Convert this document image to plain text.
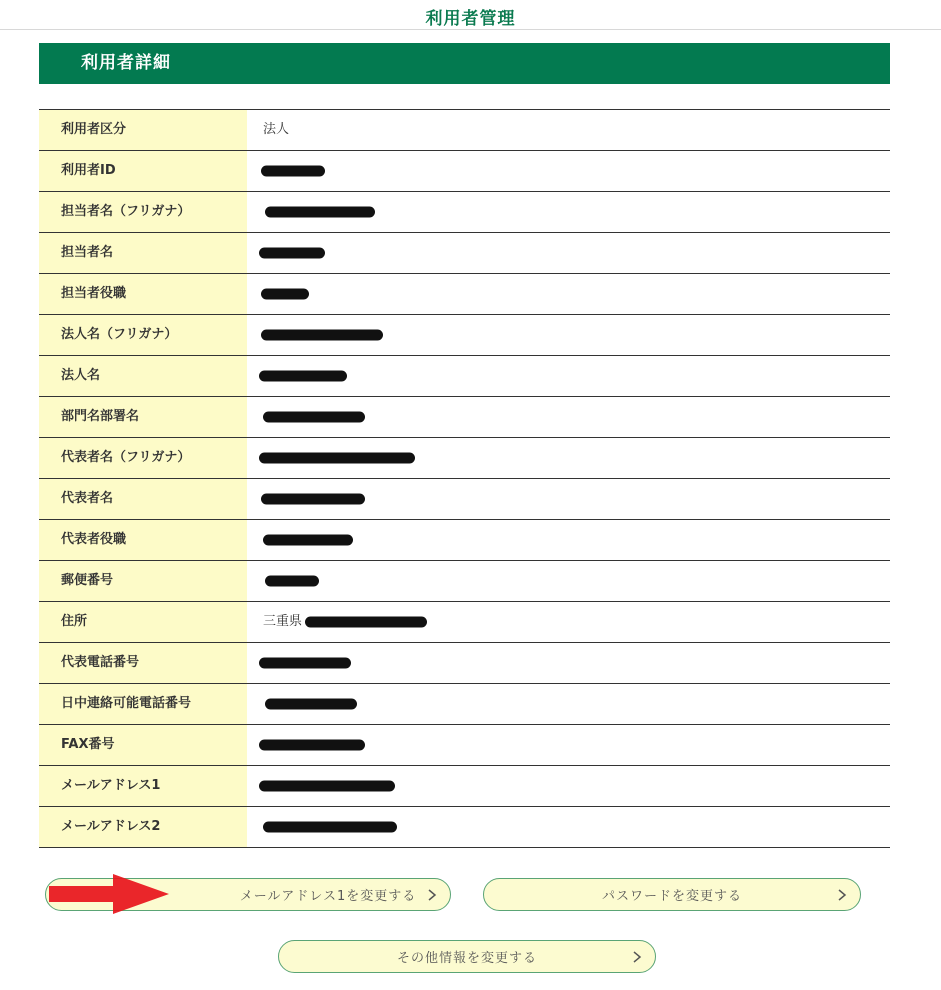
利用者管理
利用者詳細
利用者区分	法人
利用者ID
担当者名（フリガナ）
担当者名
担当者役職
法人名（フリガナ）
法人名
部門名部署名
代表者名（フリガナ）
代表者名
代表者役職
郵便番号
住所	三重県
代表電話番号
日中連絡可能電話番号
FAX番号
メールアドレス1
メールアドレス2
メールアドレス1を変更する	パスワードを変更する
その他情報を変更する
